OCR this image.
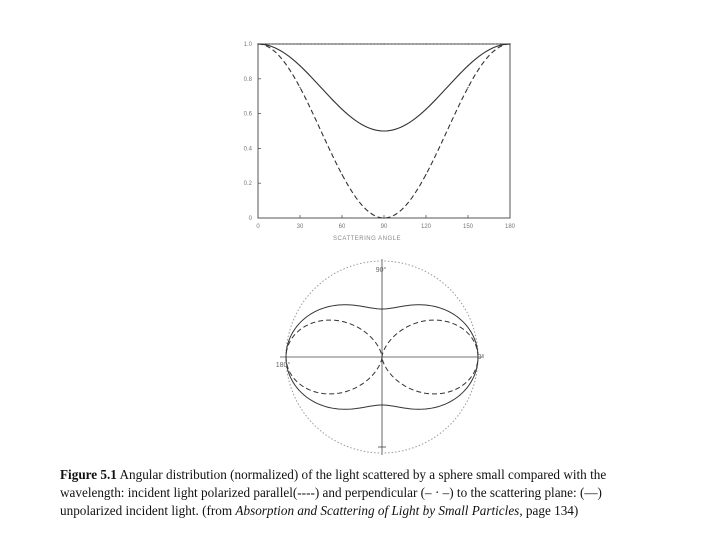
0	30	60	90	120	150	180
0
0.2
0.4
0.6
0.8
1.0
SCATTERING ANGLE
90°
180°
0°
Figure 5.1 Angular distribution (normalized) of the light scattered by a sphere small compared with the
wavelength: incident light polarized parallel(----) and perpendicular (– · –) to the scattering plane: (—)
unpolarized incident light. (from Absorption and Scattering of Light by Small Particles, page 134)
